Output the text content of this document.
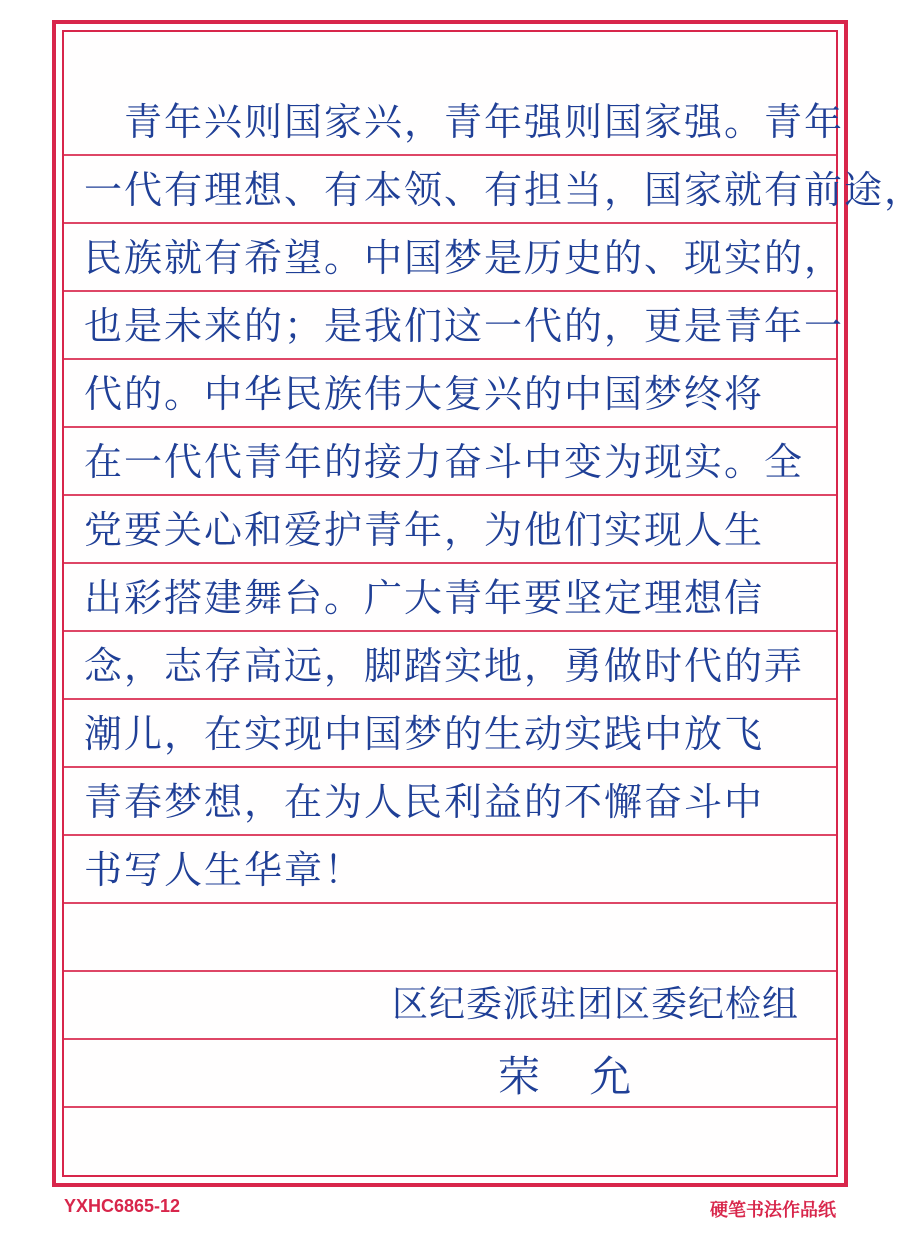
　青年兴则国家兴，青年强则国家强。青年
一代有理想、有本领、有担当，国家就有前途，
民族就有希望。中国梦是历史的、现实的，
也是未来的；是我们这一代的，更是青年一
代的。中华民族伟大复兴的中国梦终将
在一代代青年的接力奋斗中变为现实。全
党要关心和爱护青年，为他们实现人生
出彩搭建舞台。广大青年要坚定理想信
念，志存高远，脚踏实地，勇做时代的弄
潮儿，在实现中国梦的生动实践中放飞
青春梦想，在为人民利益的不懈奋斗中
书写人生华章！
区纪委派驻团区委纪检组
荣 允
YXHC6865-12	硬笔书法作品纸
